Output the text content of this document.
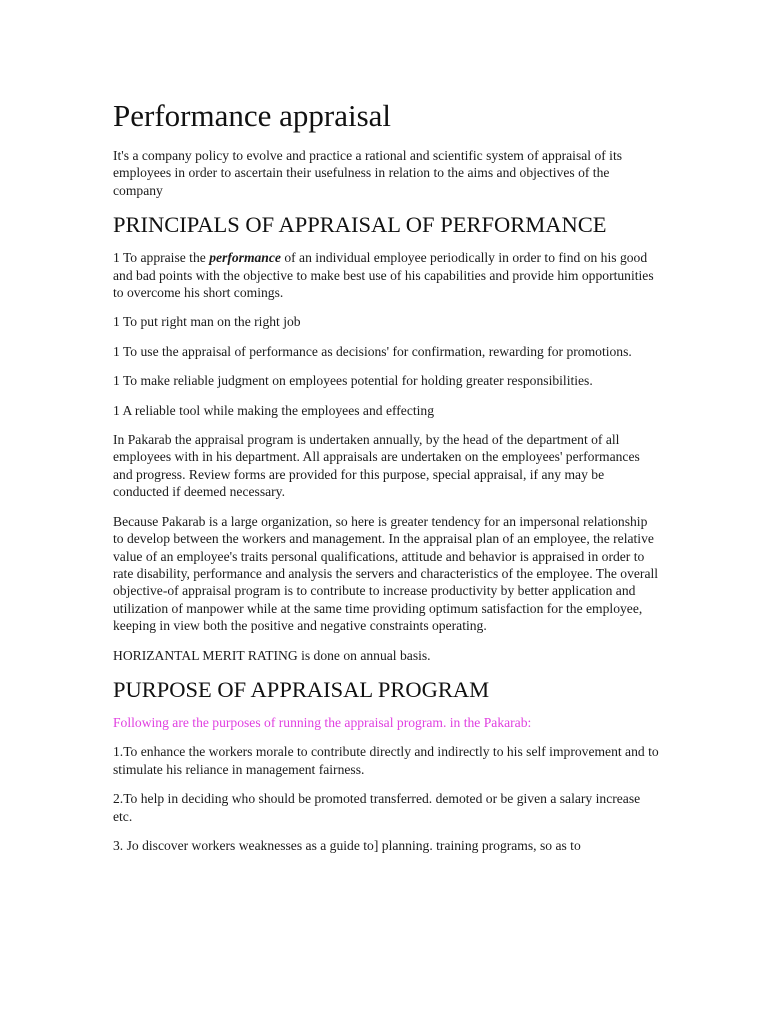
Performance appraisal

It's a company policy to evolve and practice a rational and scientific system of appraisal of its employees in order to ascertain their usefulness in relation to the aims and objectives of the company

PRINCIPALS OF APPRAISAL OF PERFORMANCE

1 To appraise the performance of an individual employee periodically in order to find on his good and bad points with the objective to make best use of his capabilities and provide him opportunities to overcome his short comings.

1 To put right man on the right job

1 To use the appraisal of performance as decisions' for confirmation, rewarding for promotions.

1 To make reliable judgment on employees potential for holding greater responsibilities.

1 A reliable tool while making the employees and effecting

In Pakarab the appraisal program is undertaken annually, by the head of the department of all employees with in his department. All appraisals are undertaken on the employees' performances and progress. Review forms are provided for this purpose, special appraisal, if any may be conducted if deemed necessary.

Because Pakarab is a large organization, so here is greater tendency for an impersonal relationship to develop between the workers and management. In the appraisal plan of an employee, the relative value of an employee's traits personal qualifications, attitude and behavior is appraised in order to rate disability, performance and analysis the servers and characteristics of the employee. The overall objective-of appraisal program is to contribute to increase productivity by better application and utilization of manpower while at the same time providing optimum satisfaction for the employee, keeping in view both the positive and negative constraints operating.

HORIZANTAL MERIT RATING is done on annual basis.

PURPOSE OF APPRAISAL PROGRAM

Following are the purposes of running the appraisal program. in the Pakarab:

1.To enhance the workers morale to contribute directly and indirectly to his self improvement and to stimulate his reliance in management fairness.

2.To help in deciding who should be promoted transferred. demoted or be given a salary increase etc.

3. Jo discover workers weaknesses as a guide to] planning. training programs, so as to
